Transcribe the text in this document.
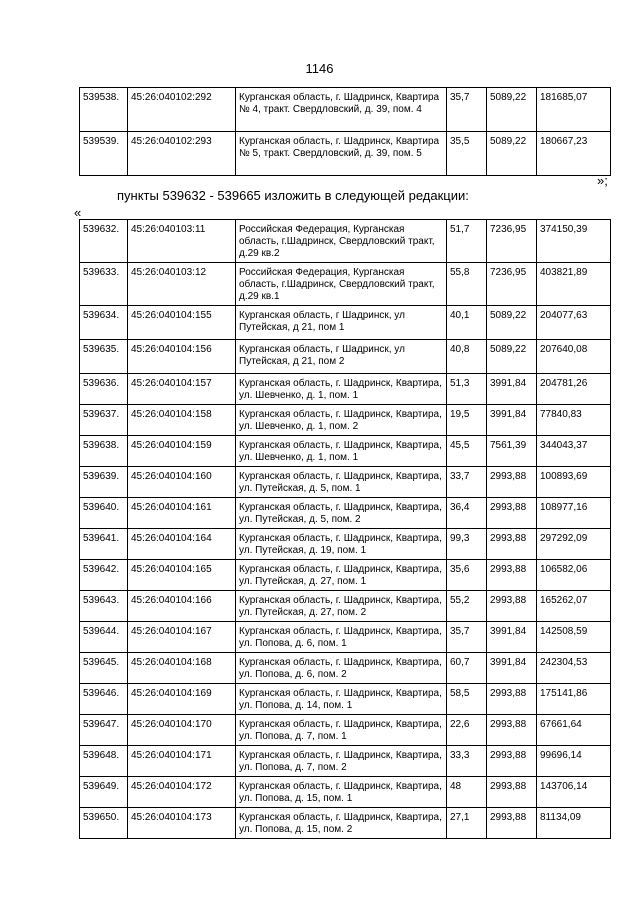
1146
539538.	45:26:040102:292	Курганская область, г. Шадринск, Квартира № 4, тракт. Свердловский, д. 39, пом. 4	35,7	5089,22	181685,07
539539.	45:26:040102:293	Курганская область, г. Шадринск, Квартира № 5, тракт. Свердловский, д. 39, пом. 5	35,5	5089,22	180667,23
»;
пункты 539632 - 539665 изложить в следующей редакции:
«
539632.	45:26:040103:11	Российская Федерация, Курганская область, г.Шадринск, Свердловский тракт, д.29 кв.2	51,7	7236,95	374150,39
539633.	45:26:040103:12	Российская Федерация, Курганская область, г.Шадринск, Свердловский тракт, д.29 кв.1	55,8	7236,95	403821,89
539634.	45:26:040104:155	Курганская область, г Шадринск, ул Путейская, д 21, пом 1	40,1	5089,22	204077,63
539635.	45:26:040104:156	Курганская область, г Шадринск, ул Путейская, д 21, пом 2	40,8	5089,22	207640,08
539636.	45:26:040104:157	Курганская область, г. Шадринск, Квартира, ул. Шевченко, д. 1, пом. 1	51,3	3991,84	204781,26
539637.	45:26:040104:158	Курганская область, г. Шадринск, Квартира, ул. Шевченко, д. 1, пом. 2	19,5	3991,84	77840,83
539638.	45:26:040104:159	Курганская область, г. Шадринск, Квартира, ул. Шевченко, д. 1, пом. 1	45,5	7561,39	344043,37
539639.	45:26:040104:160	Курганская область, г. Шадринск, Квартира, ул. Путейская, д. 5, пом. 1	33,7	2993,88	100893,69
539640.	45:26:040104:161	Курганская область, г. Шадринск, Квартира, ул. Путейская, д. 5, пом. 2	36,4	2993,88	108977,16
539641.	45:26:040104:164	Курганская область, г. Шадринск, Квартира, ул. Путейская, д. 19, пом. 1	99,3	2993,88	297292,09
539642.	45:26:040104:165	Курганская область, г. Шадринск, Квартира, ул. Путейская, д. 27, пом. 1	35,6	2993,88	106582,06
539643.	45:26:040104:166	Курганская область, г. Шадринск, Квартира, ул. Путейская, д. 27, пом. 2	55,2	2993,88	165262,07
539644.	45:26:040104:167	Курганская область, г. Шадринск, Квартира, ул. Попова, д. 6, пом. 1	35,7	3991,84	142508,59
539645.	45:26:040104:168	Курганская область, г. Шадринск, Квартира, ул. Попова, д. 6, пом. 2	60,7	3991,84	242304,53
539646.	45:26:040104:169	Курганская область, г. Шадринск, Квартира, ул. Попова, д. 14, пом. 1	58,5	2993,88	175141,86
539647.	45:26:040104:170	Курганская область, г. Шадринск, Квартира, ул. Попова, д. 7, пом. 1	22,6	2993,88	67661,64
539648.	45:26:040104:171	Курганская область, г. Шадринск, Квартира, ул. Попова, д. 7, пом. 2	33,3	2993,88	99696,14
539649.	45:26:040104:172	Курганская область, г. Шадринск, Квартира, ул. Попова, д. 15, пом. 1	48	2993,88	143706,14
539650.	45:26:040104:173	Курганская область, г. Шадринск, Квартира, ул. Попова, д. 15, пом. 2	27,1	2993,88	81134,09
